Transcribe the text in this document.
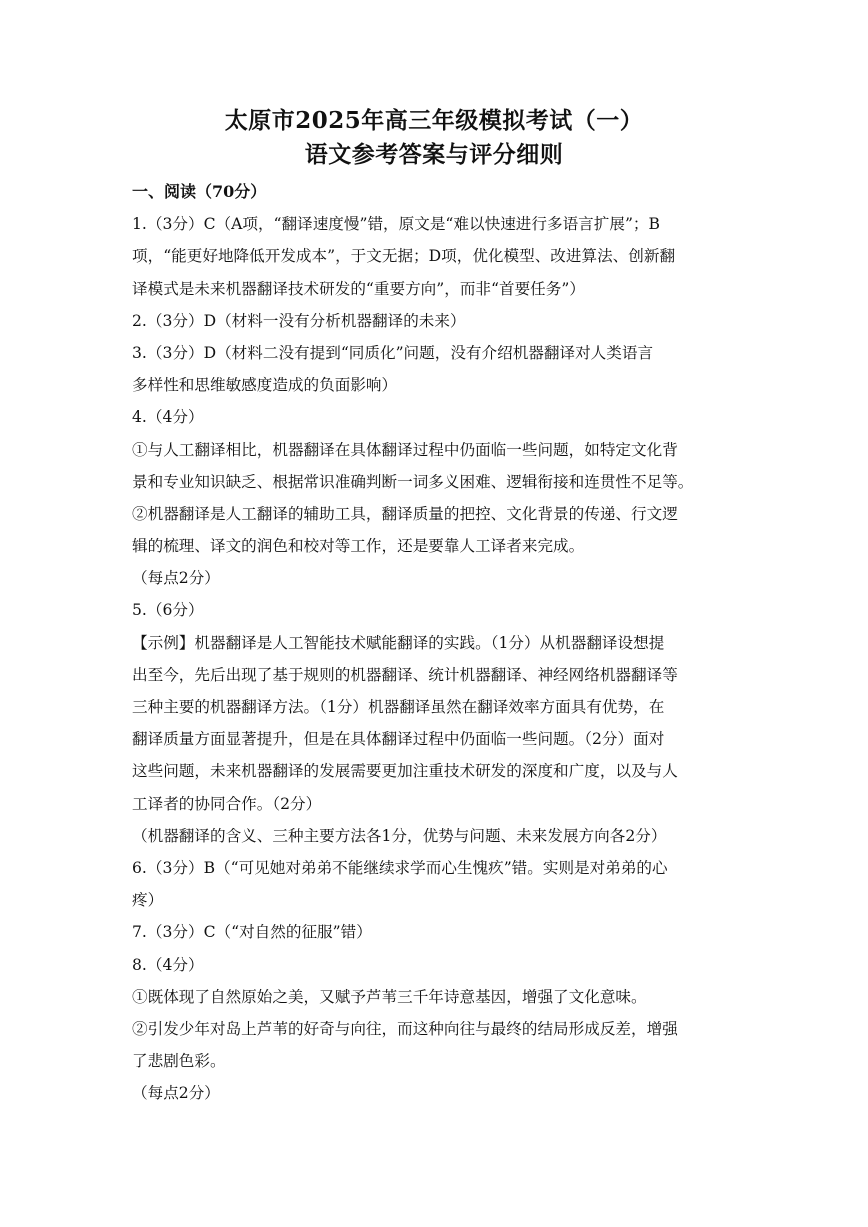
太原市2025年高三年级模拟考试（一）
语文参考答案与评分细则
一、阅读（70分）
1.（3分）C（A项，“翻译速度慢”错，原文是“难以快速进行多语言扩展”；B
项，“能更好地降低开发成本”，于文无据；D项，优化模型、改进算法、创新翻
译模式是未来机器翻译技术研发的“重要方向”，而非“首要任务”）
2.（3分）D（材料一没有分析机器翻译的未来）
3.（3分）D（材料二没有提到“同质化”问题，没有介绍机器翻译对人类语言
多样性和思维敏感度造成的负面影响）
4.（4分）
①与人工翻译相比，机器翻译在具体翻译过程中仍面临一些问题，如特定文化背
景和专业知识缺乏、根据常识准确判断一词多义困难、逻辑衔接和连贯性不足等。
②机器翻译是人工翻译的辅助工具，翻译质量的把控、文化背景的传递、行文逻
辑的梳理、译文的润色和校对等工作，还是要靠人工译者来完成。
（每点2分）
5.（6分）
【示例】机器翻译是人工智能技术赋能翻译的实践。（1分）从机器翻译设想提
出至今，先后出现了基于规则的机器翻译、统计机器翻译、神经网络机器翻译等
三种主要的机器翻译方法。（1分）机器翻译虽然在翻译效率方面具有优势，在
翻译质量方面显著提升，但是在具体翻译过程中仍面临一些问题。（2分）面对
这些问题，未来机器翻译的发展需要更加注重技术研发的深度和广度，以及与人
工译者的协同合作。（2分）
（机器翻译的含义、三种主要方法各1分，优势与问题、未来发展方向各2分）
6.（3分）B（“可见她对弟弟不能继续求学而心生愧疚”错。实则是对弟弟的心
疼）
7.（3分）C（“对自然的征服”错）
8.（4分）
①既体现了自然原始之美，又赋予芦苇三千年诗意基因，增强了文化意味。
②引发少年对岛上芦苇的好奇与向往，而这种向往与最终的结局形成反差，增强
了悲剧色彩。
（每点2分）
